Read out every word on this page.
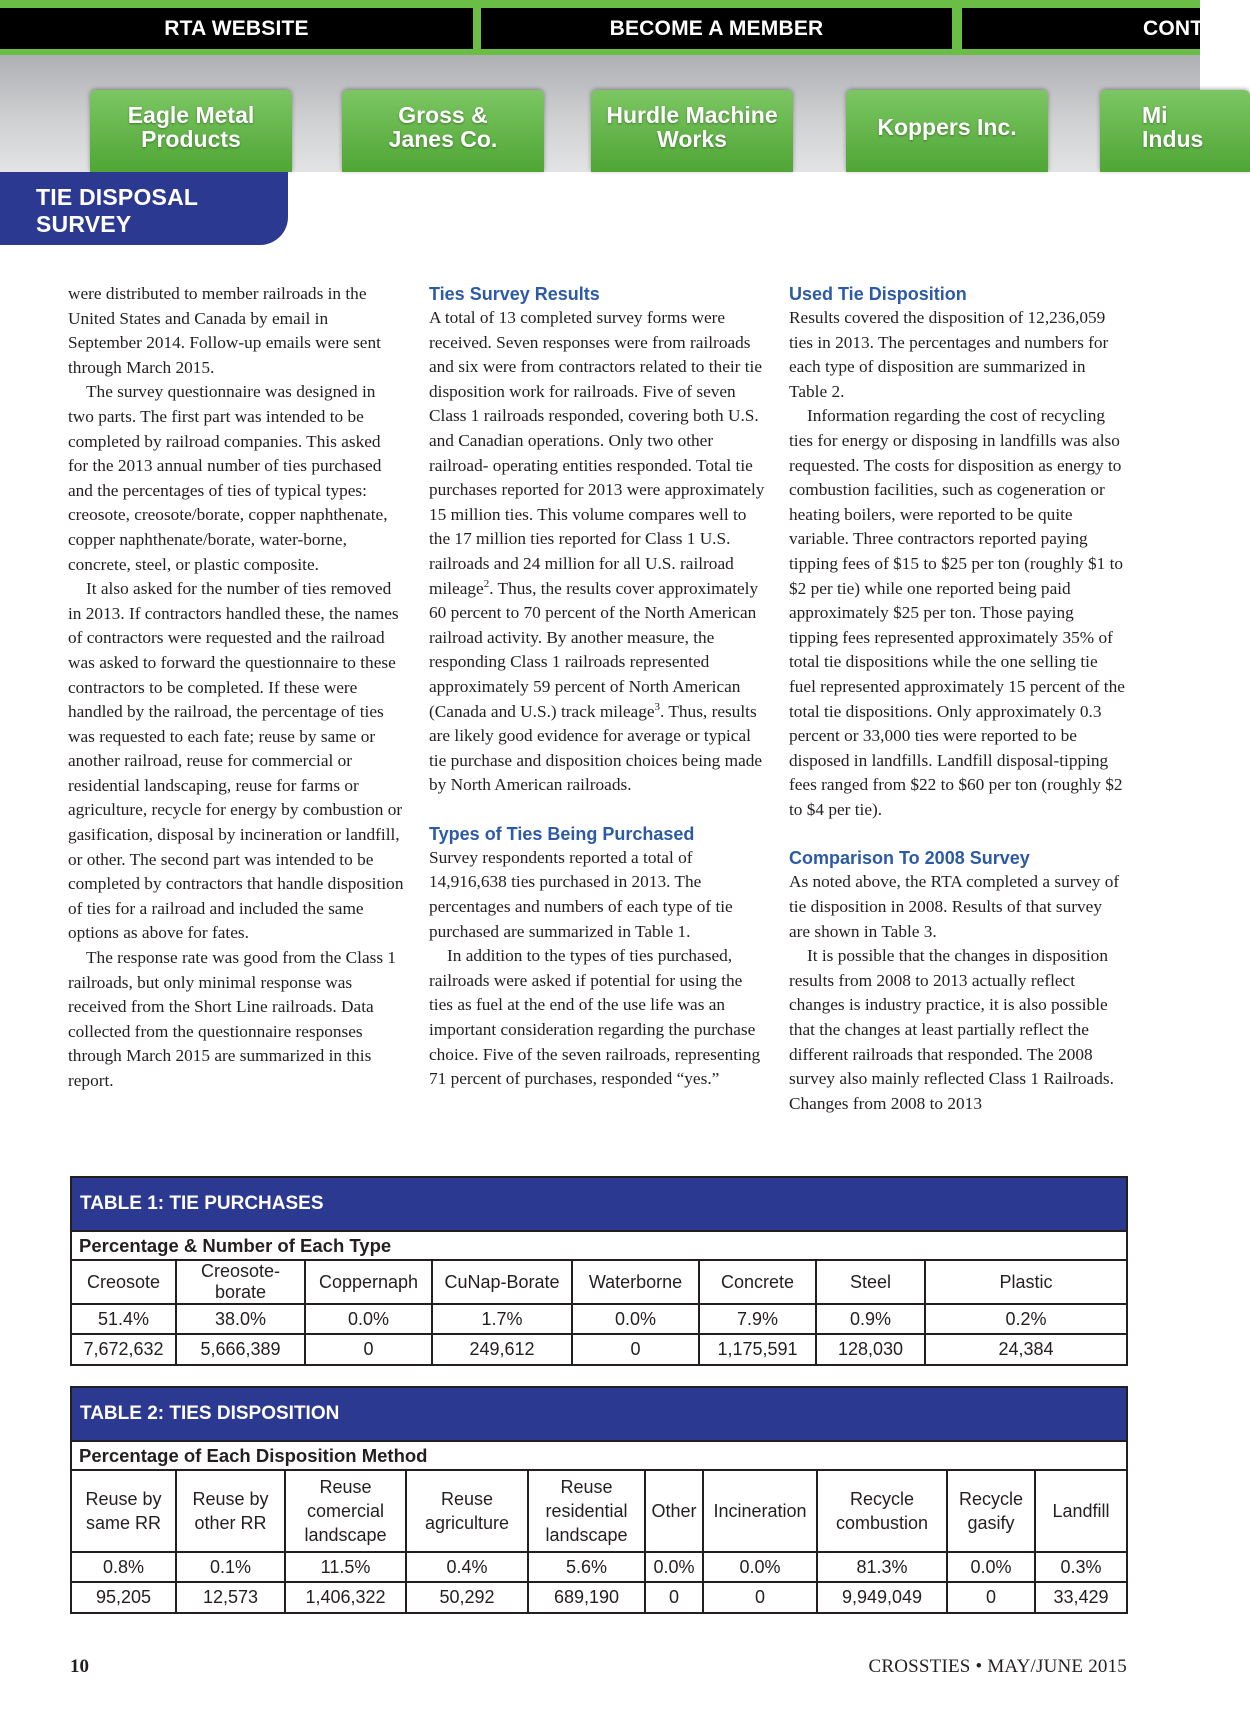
RTA WEBSITE	BECOME A MEMBER	CONTA
Eagle Metal
Products
Gross &
Janes Co.
Hurdle Machine
Works	Koppers Inc.	Mi
Indus
TIE DISPOSAL SURVEY

were distributed to member railroads in the United States and Canada by email in September 2014. Follow-up emails were sent through March 2015.

The survey questionnaire was designed in two parts. The first part was intended to be completed by railroad companies. This asked for the 2013 annual number of ties purchased and the percentages of ties of typical types: creosote, creosote/borate, copper naphthenate, copper naphthenate/borate, water-borne, concrete, steel, or plastic composite.

It also asked for the number of ties removed in 2013. If contractors handled these, the names of contractors were requested and the railroad was asked to forward the questionnaire to these contractors to be completed. If these were handled by the railroad, the percentage of ties was requested to each fate; reuse by same or another railroad, reuse for commercial or residential landscaping, reuse for farms or agriculture, recycle for energy by combustion or gasification, disposal by incineration or landfill, or other. The second part was intended to be completed by contractors that handle disposition of ties for a railroad and included the same options as above for fates.

The response rate was good from the Class 1 railroads, but only minimal response was received from the Short Line railroads. Data collected from the questionnaire responses through March 2015 are summarized in this report.

Ties Survey Results

A total of 13 completed survey forms were received. Seven responses were from railroads and six were from contractors related to their tie disposition work for railroads. Five of seven Class 1 railroads responded, covering both U.S. and Canadian operations. Only two other railroad- operating entities responded. Total tie purchases reported for 2013 were approximately 15 million ties. This volume compares well to the 17 million ties reported for Class 1 U.S. railroads and 24 million for all U.S. railroad mileage$^2$. Thus, the results cover approximately 60 percent to 70 percent of the North American railroad activity. By another measure, the responding Class 1 railroads represented approximately 59 percent of North American (Canada and U.S.) track mileage$^3$. Thus, results are likely good evidence for average or typical tie purchase and disposition choices being made by North American railroads.

Types of Ties Being Purchased

Survey respondents reported a total of 14,916,638 ties purchased in 2013. The percentages and numbers of each type of tie purchased are summarized in Table 1.

In addition to the types of ties purchased, railroads were asked if potential for using the ties as fuel at the end of the use life was an important consideration regarding the purchase choice. Five of the seven railroads, representing 71 percent of purchases, responded “yes.”

Used Tie Disposition

Results covered the disposition of 12,236,059 ties in 2013. The percentages and numbers for each type of disposition are summarized in Table 2.

Information regarding the cost of recycling ties for energy or disposing in landfills was also requested. The costs for disposition as energy to combustion facilities, such as cogeneration or heating boilers, were reported to be quite variable. Three contractors reported paying tipping fees of $15 to $25 per ton (roughly $1 to $2 per tie) while one reported being paid approximately $25 per ton. Those paying tipping fees represented approximately 35% of total tie dispositions while the one selling tie fuel represented approximately 15 percent of the total tie dispositions. Only approximately 0.3 percent or 33,000 ties were reported to be disposed in landfills. Landfill disposal-tipping fees ranged from $22 to $60 per ton (roughly $2 to $4 per tie).

Comparison To 2008 Survey

As noted above, the RTA completed a survey of tie disposition in 2008. Results of that survey are shown in Table 3.

It is possible that the changes in disposition results from 2008 to 2013 actually reflect changes is industry practice, it is also possible that the changes at least partially reflect the different railroads that responded. The 2008 survey also mainly reflected Class 1 Railroads. Changes from 2008 to 2013

TABLE 1: TIE PURCHASES
Percentage & Number of Each Type
Creosote	Creosote-borate	Coppernaph	CuNap-Borate	Waterborne	Concrete	Steel	Plastic
51.4%	38.0%	0.0%	1.7%	0.0%	7.9%	0.9%	0.2%
7,672,632	5,666,389	0	249,612	0	1,175,591	128,030	24,384
TABLE 2: TIES DISPOSITION
Percentage of Each Disposition Method
Reuse by same RR	Reuse by other RR	Reuse comercial landscape	Reuse agriculture	Reuse residential landscape	Other	Incineration	Recycle combustion	Recycle gasify	Landfill
0.8%	0.1%	11.5%	0.4%	5.6%	0.0%	0.0%	81.3%	0.0%	0.3%
95,205	12,573	1,406,322	50,292	689,190	0	0	9,949,049	0	33,429
10	CROSSTIES • MAY/JUNE 2015
